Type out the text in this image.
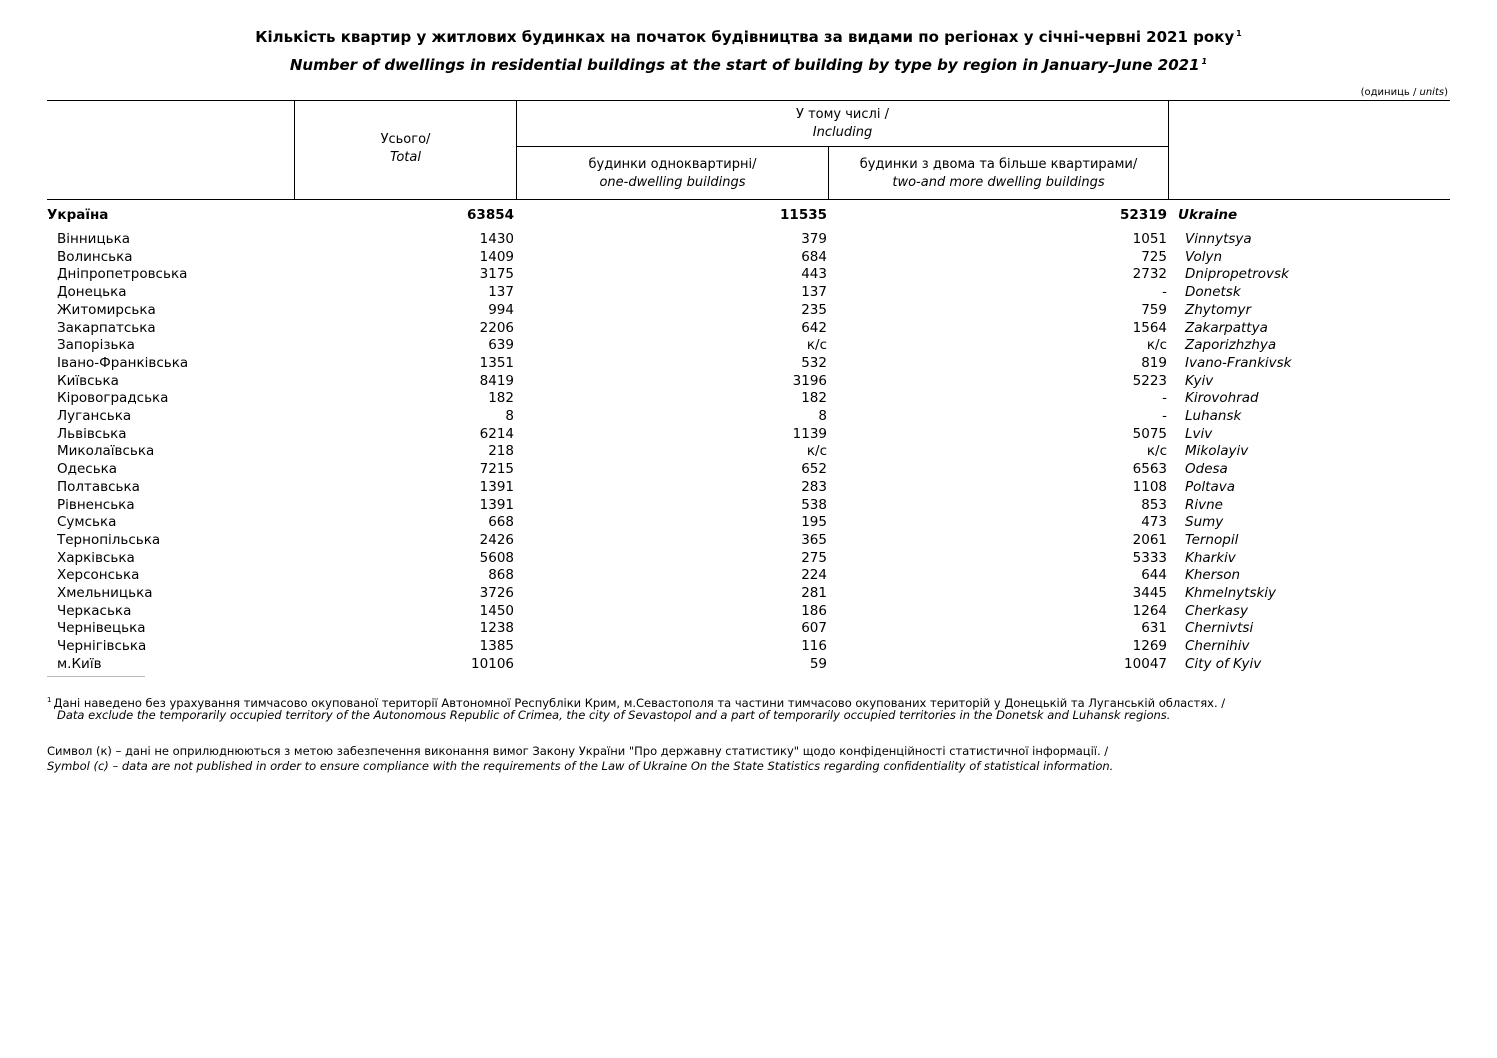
Кількість квартир у житлових будинках на початок будівництва за видами по регіонах у січні-червні 2021 року $^1$
Number of dwellings in residential buildings at the start of building by type by region in January–June 2021 $^1$
(одиниць / units)
Усього/
Total
У тому числі /
Including
будинки одноквартирні/
one-dwelling buildings
будинки з двома та більше квартирами/
two-and more dwelling buildings
Україна	63854	11535	52319 Ukraine
Вінницька	1430	379	1051 Vinnytsya
Волинська	1409	684	725 Volyn
Дніпропетровська	3175	443	2732 Dnipropetrovsk
Донецька	137	137	- Donetsk
Житомирська	994	235	759 Zhytomyr
Закарпатська	2206	642	1564 Zakarpattya
Запорізька	639	к/с	к/с Zaporizhzhya
Івано-Франківська	1351	532	819 Ivano-Frankivsk
Київська	8419	3196	5223 Kyiv
Кіровоградська	182	182	- Kirovohrad
Луганська	8	8	- Luhansk
Львівська	6214	1139	5075 Lviv
Миколаївська	218	к/с	к/с Mikolayiv
Одеська	7215	652	6563 Odesa
Полтавська	1391	283	1108 Poltava
Рівненська	1391	538	853 Rivne
Сумська	668	195	473 Sumy
Тернопільська	2426	365	2061 Ternopil
Харківська	5608	275	5333 Kharkiv
Херсонська	868	224	644 Kherson
Хмельницька	3726	281	3445 Khmelnytskiy
Черкаська	1450	186	1264 Cherkasy
Чернівецька	1238	607	631 Chernivtsi
Чернігівська	1385	116	1269 Chernihiv
м.Київ	10106	59	10047 City of Kyiv
$^1$ Дані наведено без урахування тимчасово окупованої території Автономної Республіки Крим, м.Севастополя та частини тимчасово окупованих територій у Донецькій та Луганській областях. /
Data exclude the temporarily occupied territory of the Autonomous Republic of Crimea, the city of Sevastopol and a part of temporarily occupied territories in the Donetsk and Luhansk regions.
Символ (к) – дані не оприлюднюються з метою забезпечення виконання вимог Закону України "Про державну статистику" щодо конфіденційності статистичної інформації. /
Symbol (c) – data are not published in order to ensure compliance with the requirements of the Law of Ukraine On the State Statistics regarding confidentiality of statistical information.
